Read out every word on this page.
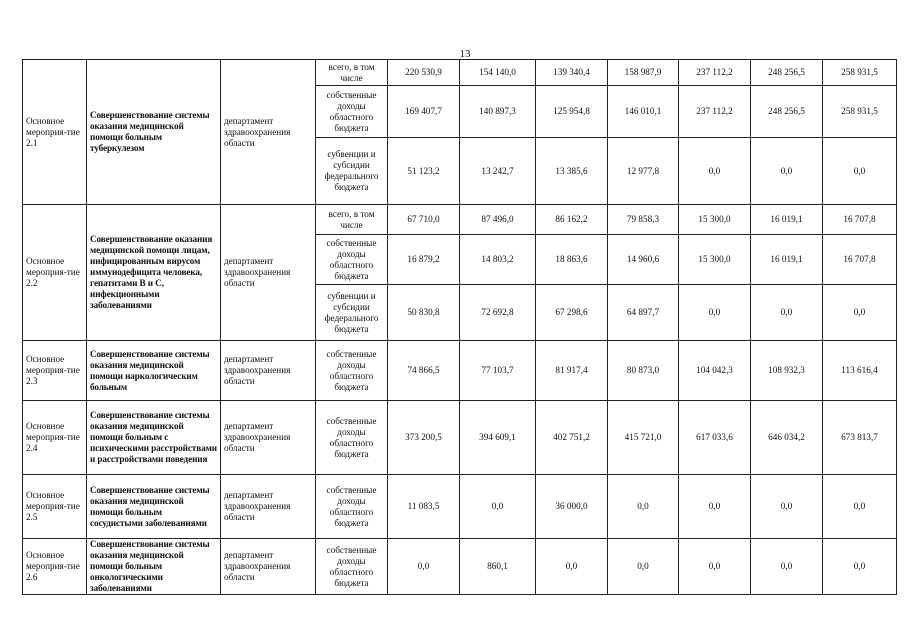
13
Основное мероприя-тие 2.1	Совершенствование системы оказания медицинской помощи больным туберкулезом	департамент здравоохранения области	всего, в том числе	220 530,9	154 140,0	139 340,4	158 987,9	237 112,2	248 256,5	258 931,5
			собственные доходы областного бюджета	169 407,7	140 897,3	125 954,8	146 010,1	237 112,2	248 256,5	258 931,5
			субвенции и субсидии федерального бюджета	51 123,2	13 242,7	13 385,6	12 977,8	0,0	0,0	0,0
Основное мероприя-тие 2.2	Совершенствование оказания медицинской помощи лицам, инфицированным вирусом иммунодефицита человека, гепатитами В и С, инфекционными заболеваниями	департамент здравоохранения области	всего, в том числе	67 710,0	87 496,0	86 162,2	79 858,3	15 300,0	16 019,1	16 707,8
			собственные доходы областного бюджета	16 879,2	14 803,2	18 863,6	14 960,6	15 300,0	16 019,1	16 707,8
			субвенции и субсидии федерального бюджета	50 830,8	72 692,8	67 298,6	64 897,7	0,0	0,0	0,0
Основное мероприя-тие 2.3	Совершенствование системы оказания медицинской помощи наркологическим больным	департамент здравоохранения области	собственные доходы областного бюджета	74 866,5	77 103,7	81 917,4	80 873,0	104 042,3	108 932,3	113 616,4
Основное мероприя-тие 2.4	Совершенствование системы оказания медицинской помощи больным с психическими расстройствами и расстройствами поведения	департамент здравоохранения области	собственные доходы областного бюджета	373 200,5	394 609,1	402 751,2	415 721,0	617 033,6	646 034,2	673 813,7
Основное мероприя-тие 2.5	Совершенствование системы оказания медицинской помощи больным сосудистыми заболеваниями	департамент здравоохранения области	собственные доходы областного бюджета	11 083,5	0,0	36 000,0	0,0	0,0	0,0	0,0
Основное мероприя-тие 2.6	Совершенствование системы оказания медицинской помощи больным онкологическими заболеваниями	департамент здравоохранения области	собственные доходы областного бюджета	0,0	860,1	0,0	0,0	0,0	0,0	0,0
